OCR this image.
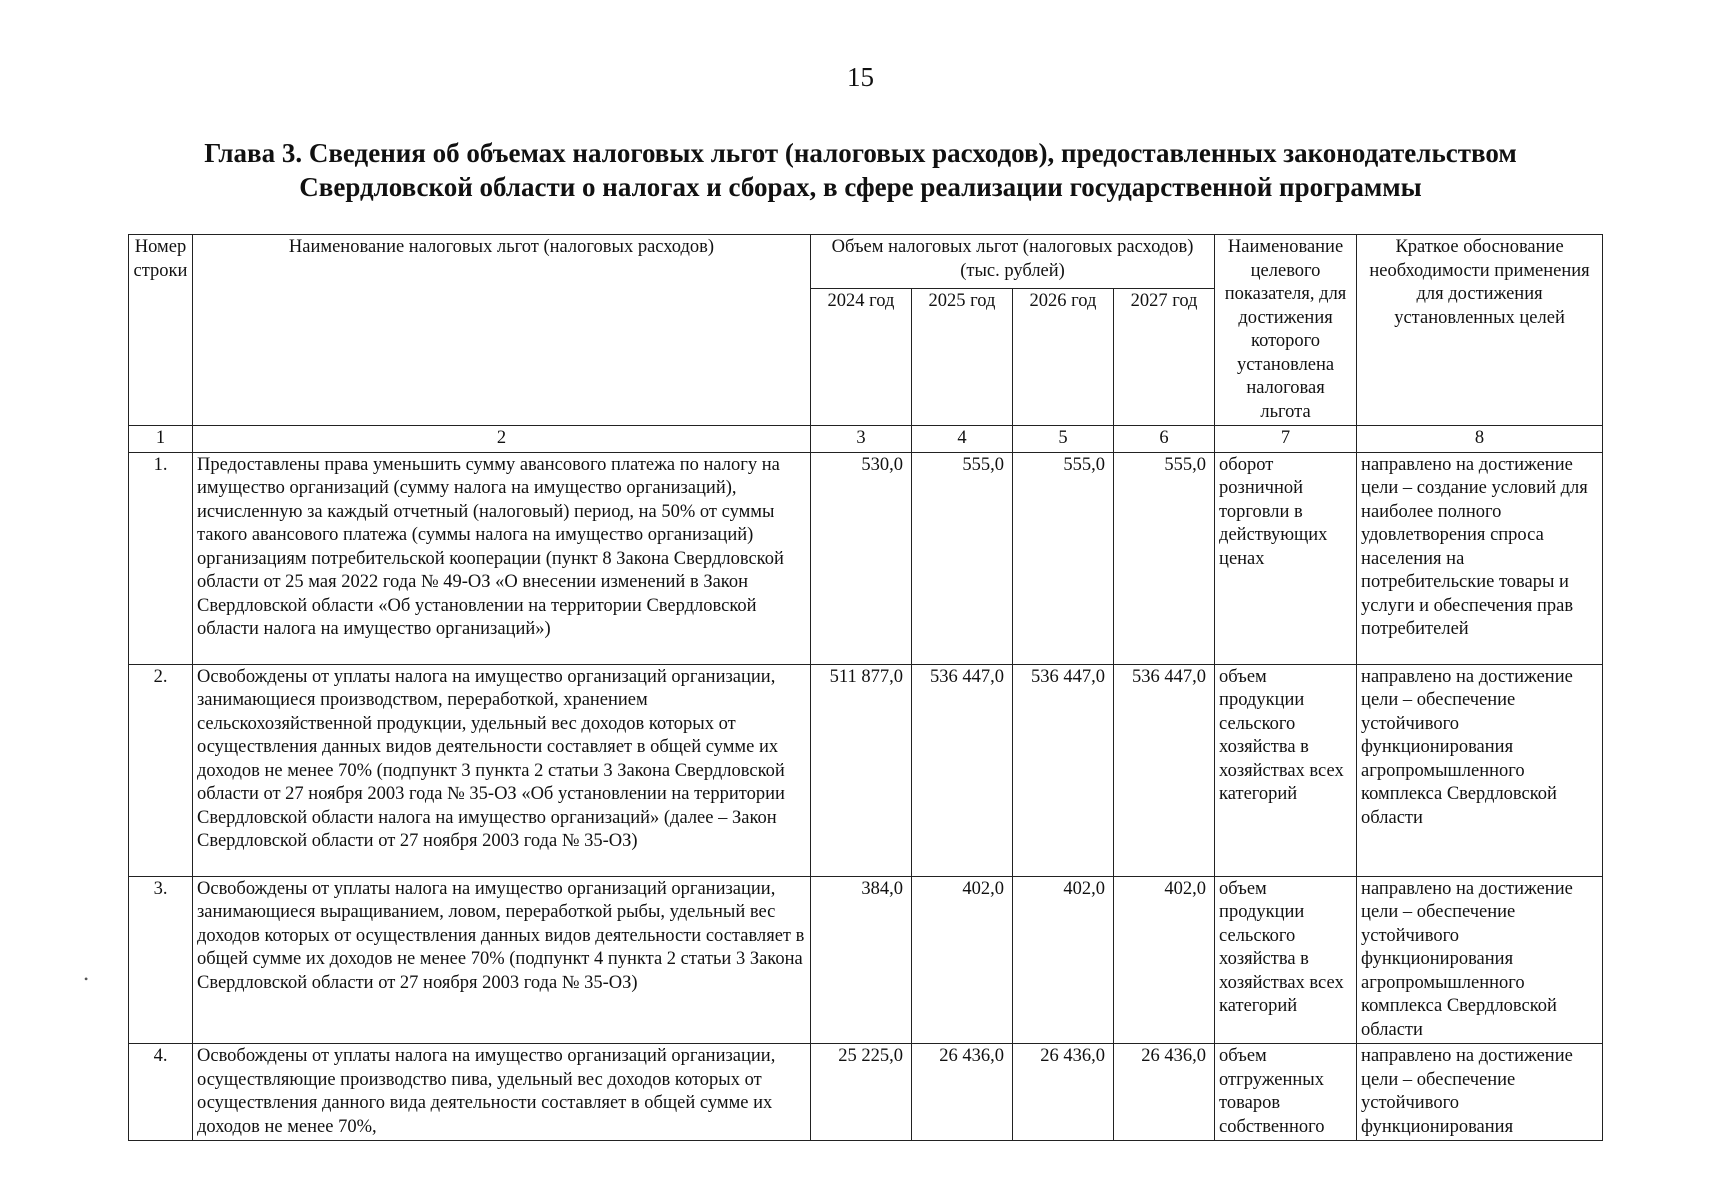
15
Глава 3. Сведения об объемах налоговых льгот (налоговых расходов), предоставленных законодательством
Свердловской области о налогах и сборах, в сфере реализации государственной программы
Номер строки	Наименование налоговых льгот (налоговых расходов)	Объем налоговых льгот (налоговых расходов) (тыс. рублей)				Наименование целевого показателя, для достижения которого установлена налоговая льгота	Краткое обоснование необходимости применения для достижения установленных целей
		2024 год	2025 год	2026 год	2027 год		
1	2	3	4	5	6	7	8
1.	Предоставлены права уменьшить сумму авансового платежа по налогу на имущество организаций (сумму налога на имущество организаций), исчисленную за каждый отчетный (налоговый) период, на 50% от суммы такого авансового платежа (суммы налога на имущество организаций) организациям потребительской кооперации (пункт 8 Закона Свердловской области от 25 мая 2022 года № 49-ОЗ «О внесении изменений в Закон Свердловской области «Об установлении на территории Свердловской области налога на имущество организаций»)	530,0	555,0	555,0	555,0	оборот розничной торговли в действующих ценах	направлено на достижение цели – создание условий для наиболее полного удовлетворения спроса населения на потребительские товары и услуги и обеспечения прав потребителей
2.	Освобождены от уплаты налога на имущество организаций организации, занимающиеся производством, переработкой, хранением сельскохозяйственной продукции, удельный вес доходов которых от осуществления данных видов деятельности составляет в общей сумме их доходов не менее 70% (подпункт 3 пункта 2 статьи 3 Закона Свердловской области от 27 ноября 2003 года № 35-ОЗ «Об установлении на территории Свердловской области налога на имущество организаций» (далее – Закон Свердловской области от 27 ноября 2003 года № 35-ОЗ)	511 877,0	536 447,0	536 447,0	536 447,0	объем продукции сельского хозяйства в хозяйствах всех категорий	направлено на достижение цели – обеспечение устойчивого функционирования агропромышленного комплекса Свердловской области
3.	Освобождены от уплаты налога на имущество организаций организации, занимающиеся выращиванием, ловом, переработкой рыбы, удельный вес доходов которых от осуществления данных видов деятельности составляет в общей сумме их доходов не менее 70% (подпункт 4 пункта 2 статьи 3 Закона Свердловской области от 27 ноября 2003 года № 35-ОЗ)	384,0	402,0	402,0	402,0	объем продукции сельского хозяйства в хозяйствах всех категорий	направлено на достижение цели – обеспечение устойчивого функционирования агропромышленного комплекса Свердловской области
4.	Освобождены от уплаты налога на имущество организаций организации, осуществляющие производство пива, удельный вес доходов которых от осуществления данного вида деятельности составляет в общей сумме их доходов не менее 70%,	25 225,0	26 436,0	26 436,0	26 436,0	объем отгруженных товаров собственного	направлено на достижение цели – обеспечение устойчивого функционирования
•
